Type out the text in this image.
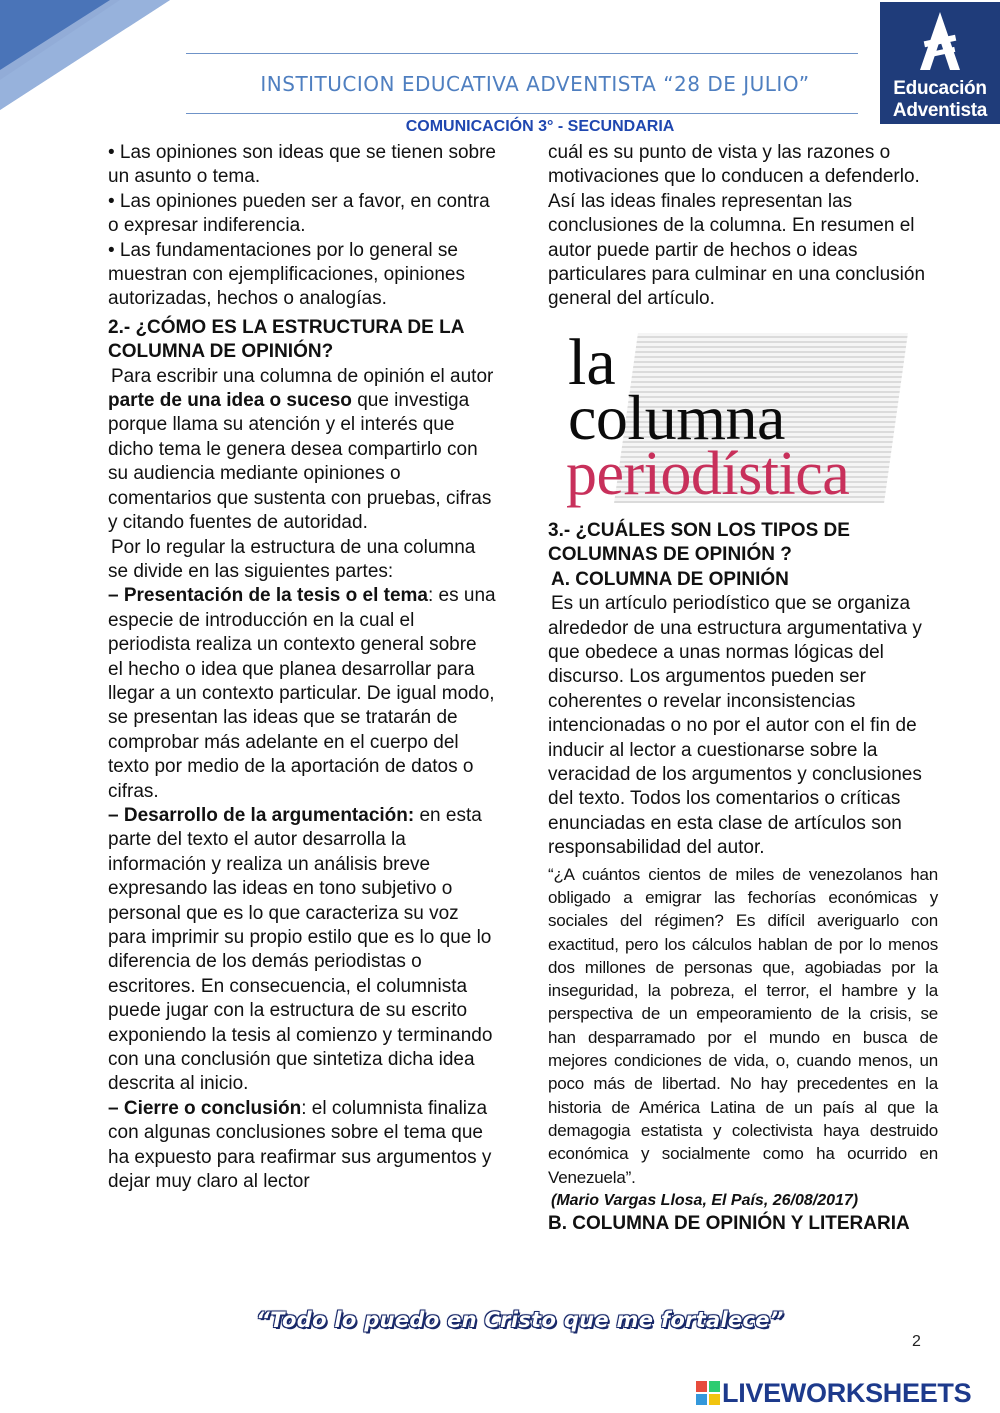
Educación
Adventista
INSTITUCION EDUCATIVA ADVENTISTA “28 DE JULIO”
COMUNICACIÓN 3° - SECUNDARIA

• Las opiniones son ideas que se tienen sobre un asunto o tema.

• Las opiniones pueden ser a favor, en contra o expresar indiferencia.

• Las fundamentaciones por lo general se muestran con ejemplificaciones, opiniones autorizadas, hechos o analogías.

2.- ¿CÓMO ES LA ESTRUCTURA DE LA COLUMNA DE OPINIÓN?

Para escribir una columna de opinión el autor parte de una idea o suceso que investiga porque llama su atención y el interés que dicho tema le genera desea compartirlo con su audiencia mediante opiniones o comentarios que sustenta con pruebas, cifras y citando fuentes de autoridad.

Por lo regular la estructura de una columna se divide en las siguientes partes:

– Presentación de la tesis o el tema: es una especie de introducción en la cual el periodista realiza un contexto general sobre el hecho o idea que planea desarrollar para llegar a un contexto particular. De igual modo, se presentan las ideas que se tratarán de comprobar más adelante en el cuerpo del texto por medio de la aportación de datos o cifras.

– Desarrollo de la argumentación: en esta parte del texto el autor desarrolla la información y realiza un análisis breve expresando las ideas en tono subjetivo o personal que es lo que caracteriza su voz para imprimir su propio estilo que es lo que lo diferencia de los demás periodistas o escritores. En consecuencia, el columnista puede jugar con la estructura de su escrito exponiendo la tesis al comienzo y terminando con una conclusión que sintetiza dicha idea descrita al inicio.

– Cierre o conclusión: el columnista finaliza con algunas conclusiones sobre el tema que ha expuesto para reafirmar sus argumentos y dejar muy claro al lector

cuál es su punto de vista y las razones o motivaciones que lo conducen a defenderlo. Así las ideas finales representan las conclusiones de la columna. En resumen el autor puede partir de hechos o ideas particulares para culminar en una conclusión general del artículo.

la
columna
periodística

3.- ¿CUÁLES SON LOS TIPOS DE COLUMNAS DE OPINIÓN ?

A. COLUMNA DE OPINIÓN

Es un artículo periodístico que se organiza alrededor de una estructura argumentativa y que obedece a unas normas lógicas del discurso. Los argumentos pueden ser coherentes o revelar inconsistencias intencionadas o no por el autor con el fin de inducir al lector a cuestionarse sobre la veracidad de los argumentos y conclusiones del texto. Todos los comentarios o críticas enunciadas en esta clase de artículos son responsabilidad del autor.

“¿A cuántos cientos de miles de venezolanos han obligado a emigrar las fechorías económicas y sociales del régimen? Es difícil averiguarlo con exactitud, pero los cálculos hablan de por lo menos dos millones de personas que, agobiadas por la inseguridad, la pobreza, el terror, el hambre y la perspectiva de un empeoramiento de la crisis, se han desparramado por el mundo en busca de mejores condiciones de vida, o, cuando menos, un poco más de libertad. No hay precedentes en la historia de América Latina de un país al que la demagogia estatista y colectivista haya destruido económica y socialmente como ha ocurrido en Venezuela”.

(Mario Vargas Llosa, El País, 26/08/2017)

B. COLUMNA DE OPINIÓN Y LITERARIA

“Todo lo puedo en Cristo que me fortalece”
2
LIVEWORKSHEETS
